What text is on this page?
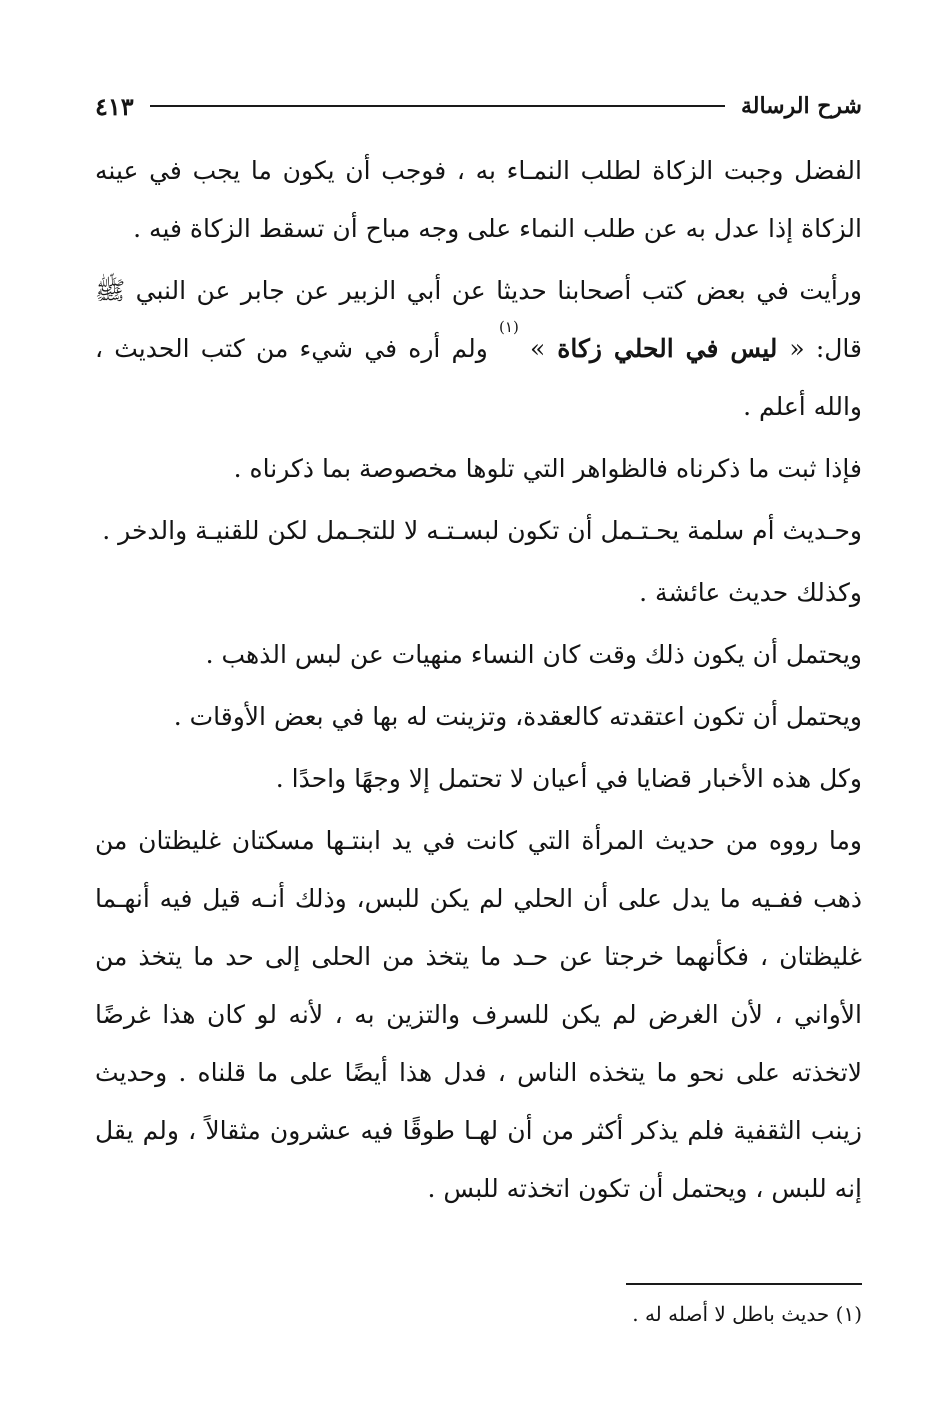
شرح الرسالة
٤١٣

الفضل وجبت الزكاة لطلب النمـاء به ، فوجب أن يكون ما يجب في عينه الزكاة إذا عدل به عن طلب النماء على وجه مباح أن تسقط الزكاة فيه .

ورأيت في بعض كتب أصحابنا حديثا عن أبي الزبير عن جابر عن النبي ﷺ قال: « ليس في الحلي زكاة » $^{(١)}$ ولم أره في شيء من كتب الحديث ، والله أعلم .

فإذا ثبت ما ذكرناه فالظواهر التي تلوها مخصوصة بما ذكرناه .

وحـديث أم سلمة يحـتـمل أن تكون لبسـتـه لا للتجـمل لكن للقنيـة والدخر .

وكذلك حديث عائشة .

ويحتمل أن يكون ذلك وقت كان النساء منهيات عن لبس الذهب .

ويحتمل أن تكون اعتقدته كالعقدة، وتزينت له بها في بعض الأوقات .

وكل هذه الأخبار قضايا في أعيان لا تحتمل إلا وجهًا واحدًا .

وما رووه من حديث المرأة التي كانت في يد ابنتـها مسكتان غليظتان من ذهب ففـيه ما يدل على أن الحلي لم يكن للبس، وذلك أنـه قيل فيه أنهـما غليظتان ، فكأنهما خرجتا عن حـد ما يتخذ من الحلى إلى حد ما يتخذ من الأواني ، لأن الغرض لم يكن للسرف والتزين به ، لأنه لو كان هذا غرضًا لاتخذته على نحو ما يتخذه الناس ، فدل هذا أيضًا على ما قلناه . وحديث زينب الثقفية فلم يذكر أكثر من أن لهـا طوقًا فيه عشرون مثقالاً ، ولم يقل إنه للبس ، ويحتمل أن تكون اتخذته للبس .

(١) حديث باطل لا أصله له .
